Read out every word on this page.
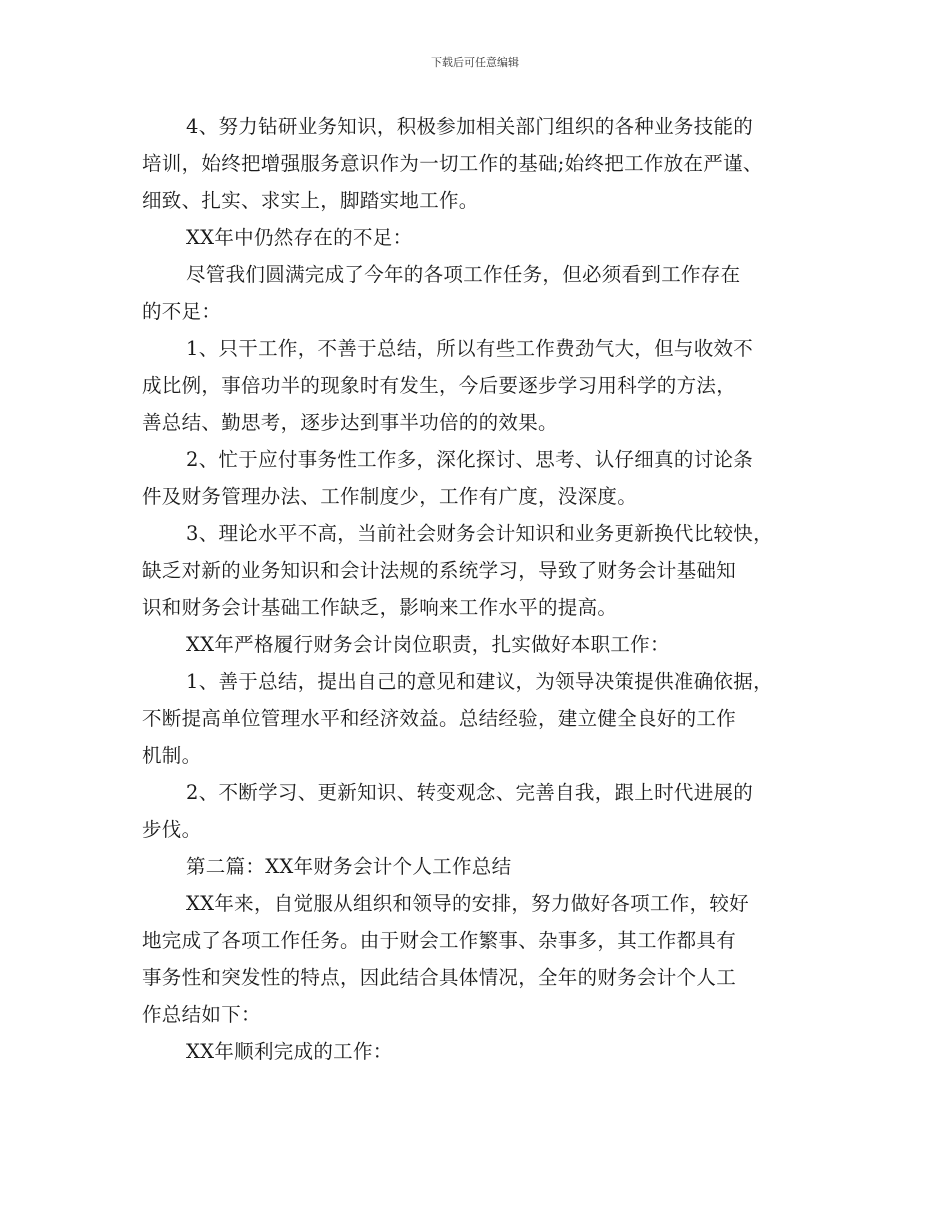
下载后可任意编辑
4、努力钻研业务知识，积极参加相关部门组织的各种业务技能的
培训，始终把增强服务意识作为一切工作的基础;始终把工作放在严谨、
细致、扎实、求实上，脚踏实地工作。
XX年中仍然存在的不足：
尽管我们圆满完成了今年的各项工作任务，但必须看到工作存在
的不足：
1、只干工作，不善于总结，所以有些工作费劲气大，但与收效不
成比例，事倍功半的现象时有发生，今后要逐步学习用科学的方法，
善总结、勤思考，逐步达到事半功倍的的效果。
2、忙于应付事务性工作多，深化探讨、思考、认仔细真的讨论条
件及财务管理办法、工作制度少，工作有广度，没深度。
3、理论水平不高，当前社会财务会计知识和业务更新换代比较快，
缺乏对新的业务知识和会计法规的系统学习，导致了财务会计基础知
识和财务会计基础工作缺乏，影响来工作水平的提高。
XX年严格履行财务会计岗位职责，扎实做好本职工作：
1、善于总结，提出自己的意见和建议，为领导决策提供准确依据，
不断提高单位管理水平和经济效益。总结经验，建立健全良好的工作
机制。
2、不断学习、更新知识、转变观念、完善自我，跟上时代进展的
步伐。
第二篇：XX年财务会计个人工作总结
XX年来，自觉服从组织和领导的安排，努力做好各项工作，较好
地完成了各项工作任务。由于财会工作繁事、杂事多，其工作都具有
事务性和突发性的特点，因此结合具体情况，全年的财务会计个人工
作总结如下：
XX年顺利完成的工作：
